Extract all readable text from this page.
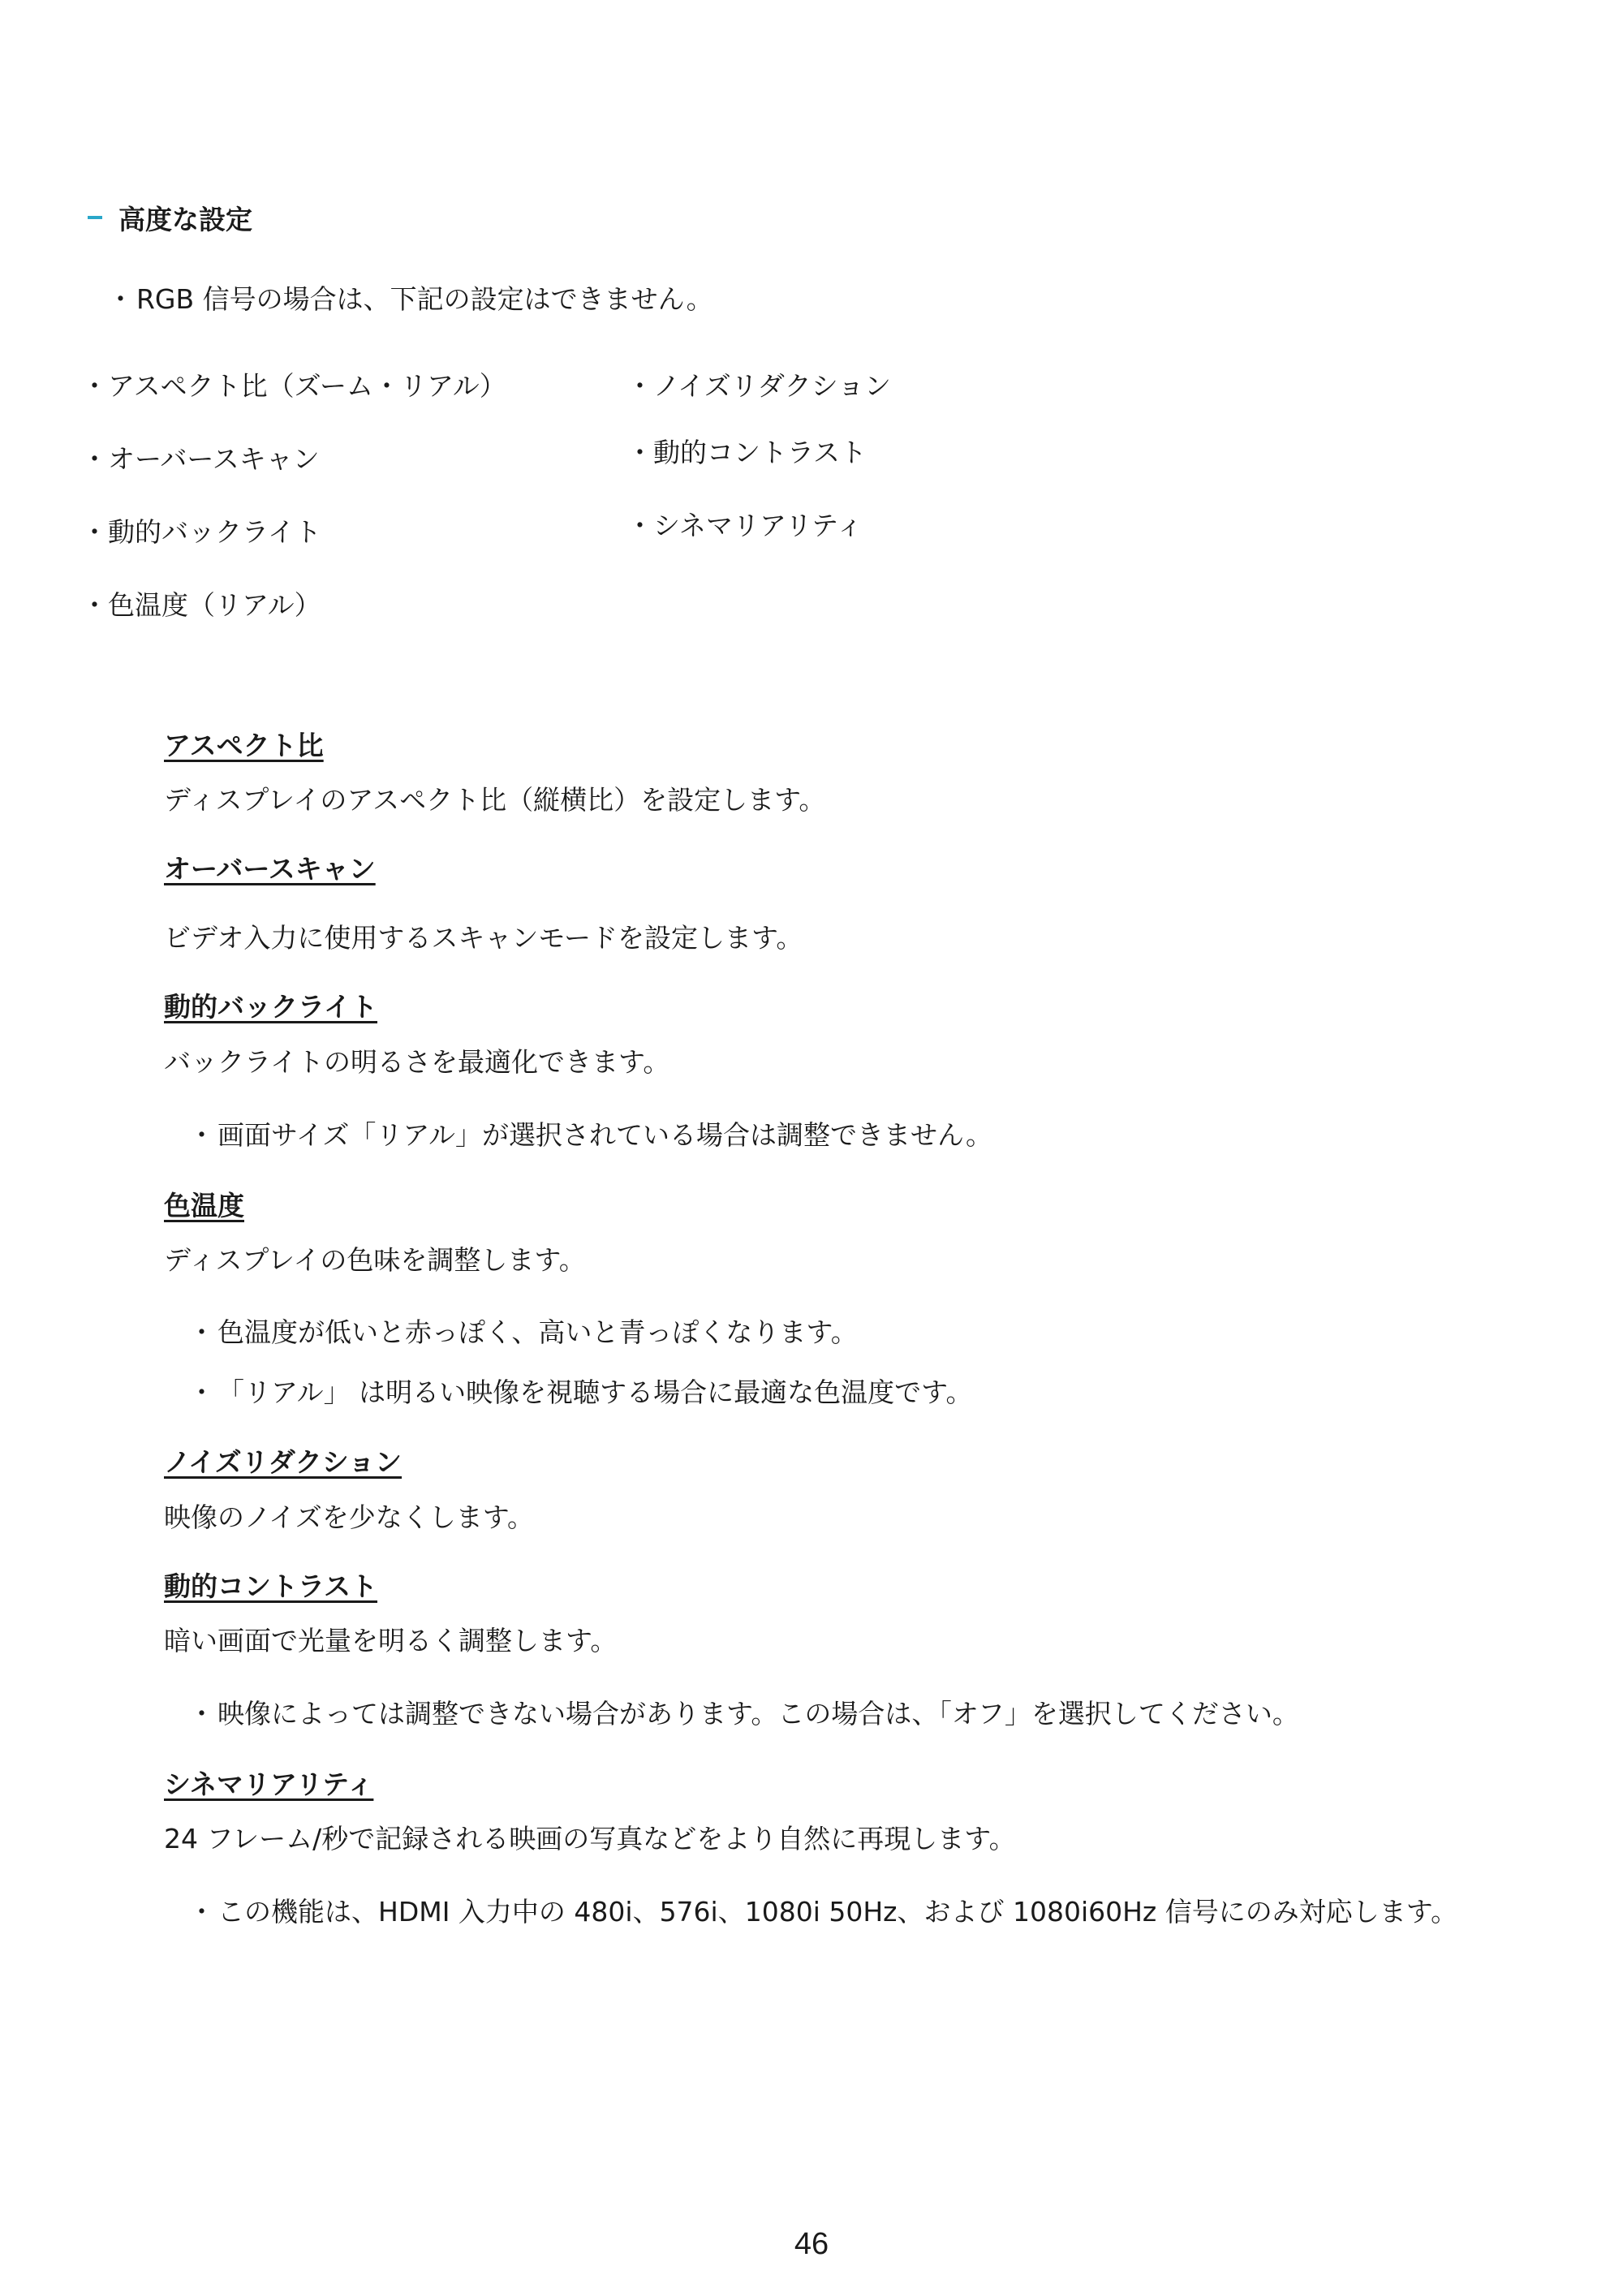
高度な設定
・RGB 信号の場合は、下記の設定はできません。
・アスペクト比（ズーム・リアル）
・オーバースキャン
・動的バックライト
・色温度（リアル）
・ノイズリダクション
・動的コントラスト
・シネマリアリティ
アスペクト比
ディスプレイのアスペクト比（縦横比）を設定します。
オーバースキャン
ビデオ入力に使用するスキャンモードを設定します。
動的バックライト
バックライトの明るさを最適化できます。
・画面サイズ「リアル」が選択されている場合は調整できません。
色温度
ディスプレイの色味を調整します。
・色温度が低いと赤っぽく、高いと青っぽくなります。
・「リアル」 は明るい映像を視聴する場合に最適な色温度です。
ノイズリダクション
映像のノイズを少なくします。
動的コントラスト
暗い画面で光量を明るく調整します。
・映像によっては調整できない場合があります。この場合は、「オフ」を選択してください。
シネマリアリティ
24 フレーム/秒で記録される映画の写真などをより自然に再現します。
・この機能は、HDMI 入力中の 480i、576i、1080i 50Hz、および 1080i60Hz 信号にのみ対応します。
46
